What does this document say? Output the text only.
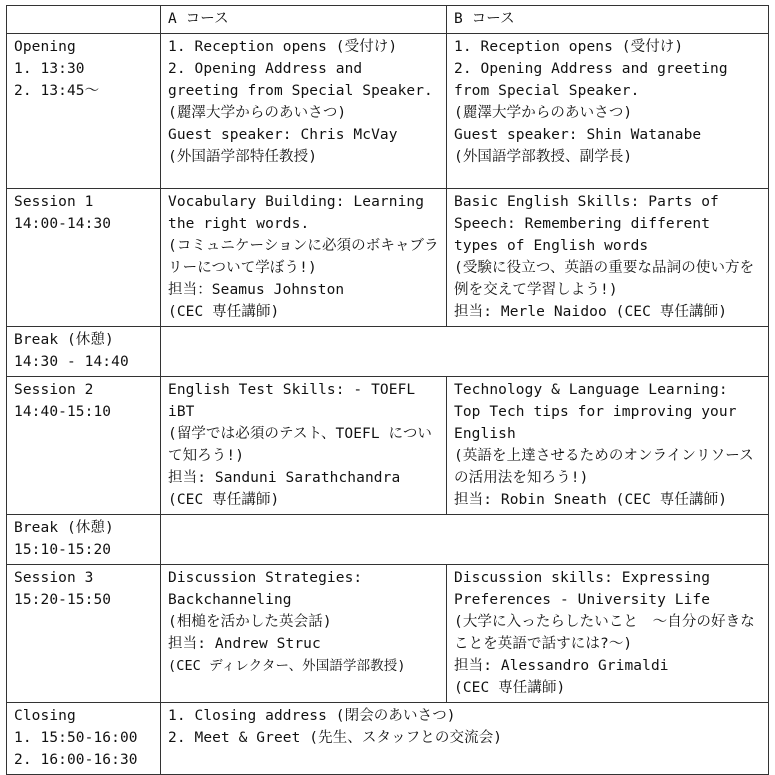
	A コース	B コース

Opening
1. 13:30
2. 13:45～	1. Reception opens (受付け)
2. Opening Address and greeting from Special Speaker.
(麗澤大学からのあいさつ)
Guest speaker: Chris McVay
(外国語学部特任教授)	1. Reception opens (受付け)
2. Opening Address and greeting from Special Speaker.
(麗澤大学からのあいさつ)
Guest speaker: Shin Watanabe
(外国語学部教授、副学長)

Session 1
14:00-14:30	Vocabulary Building: Learning the right words.
(コミュニケーションに必須のボキャブラリーについて学ぼう!)
担当：Seamus Johnston
(CEC 専任講師)	Basic English Skills: Parts of Speech: Remembering different types of English words
(受験に役立つ、英語の重要な品詞の使い方を例を交えて学習しよう!)
担当: Merle Naidoo (CEC 専任講師)

Break (休憩)
14:30 - 14:40		

Session 2
14:40-15:10	English Test Skills: - TOEFL iBT
(留学では必須のテスト、TOEFL について知ろう!)
担当: Sanduni Sarathchandra
(CEC 専任講師)	Technology & Language Learning: Top Tech tips for improving your English
(英語を上達させるためのオンラインリソースの活用法を知ろう!)
担当: Robin Sneath (CEC 専任講師)

Break (休憩)
15:10-15:20		

Session 3
15:20-15:50	Discussion Strategies: Backchanneling
(相槌を活かした英会話)
担当: Andrew Struc
(CEC ディレクター、外国語学部教授)	Discussion skills: Expressing Preferences - University Life
(大学に入ったらしたいこと　～自分の好きなことを英語で話すには?～)
担当: Alessandro Grimaldi
(CEC 専任講師)

Closing
1. 15:50-16:00
2. 16:00-16:30	1. Closing address (閉会のあいさつ)
2. Meet & Greet (先生、スタッフとの交流会)	
